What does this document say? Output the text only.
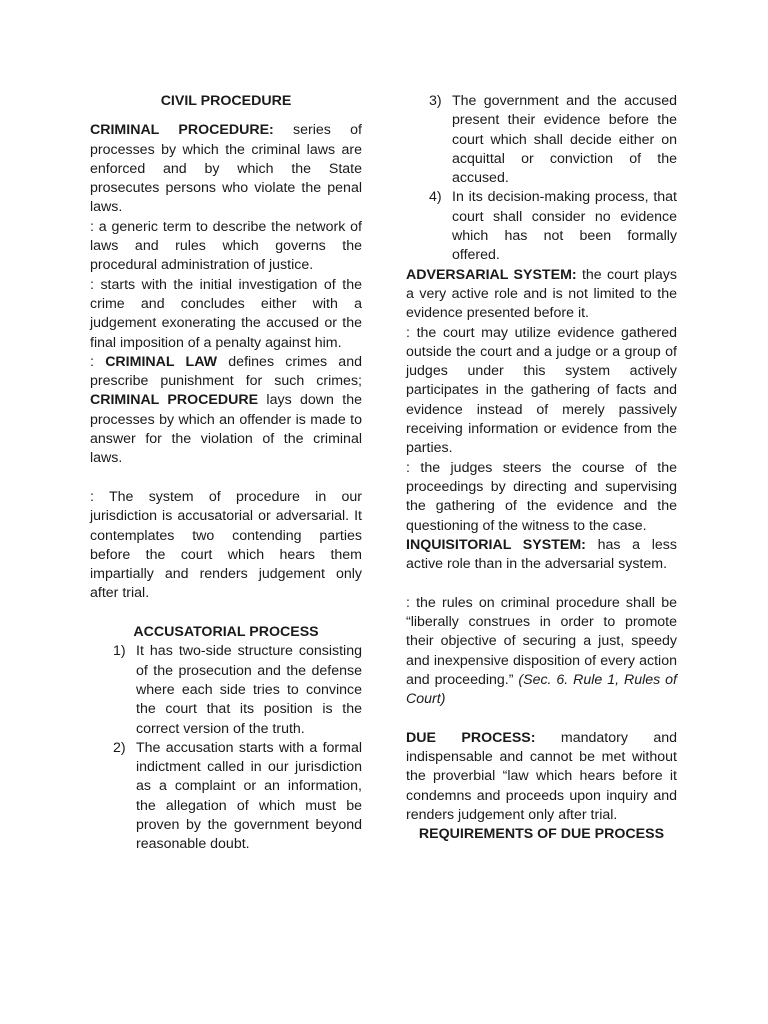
CIVIL PROCEDURE

CRIMINAL PROCEDURE: series of processes by which the criminal laws are enforced and by which the State prosecutes persons who violate the penal laws.

: a generic term to describe the network of laws and rules which governs the procedural administration of justice.

: starts with the initial investigation of the crime and concludes either with a judgement exonerating the accused or the final imposition of a penalty against him.

: CRIMINAL LAW defines crimes and prescribe punishment for such crimes; CRIMINAL PROCEDURE lays down the processes by which an offender is made to answer for the violation of the criminal laws.

: The system of procedure in our jurisdiction is accusatorial or adversarial. It contemplates two contending parties before the court which hears them impartially and renders judgement only after trial.

ACCUSATORIAL PROCESS

1) It has two-side structure consisting of the prosecution and the defense where each side tries to convince the court that its position is the correct version of the truth.
2) The accusation starts with a formal indictment called in our jurisdiction as a complaint or an information, the allegation of which must be proven by the government beyond reasonable doubt.
3) The government and the accused present their evidence before the court which shall decide either on acquittal or conviction of the accused.
4) In its decision-making process, that court shall consider no evidence which has not been formally offered.

ADVERSARIAL SYSTEM: the court plays a very active role and is not limited to the evidence presented before it.

: the court may utilize evidence gathered outside the court and a judge or a group of judges under this system actively participates in the gathering of facts and evidence instead of merely passively receiving information or evidence from the parties.

: the judges steers the course of the proceedings by directing and supervising the gathering of the evidence and the questioning of the witness to the case.

INQUISITORIAL SYSTEM: has a less active role than in the adversarial system.

: the rules on criminal procedure shall be “liberally construes in order to promote their objective of securing a just, speedy and inexpensive disposition of every action and proceeding.” (Sec. 6. Rule 1, Rules of Court)

DUE PROCESS: mandatory and indispensable and cannot be met without the proverbial “law which hears before it condemns and proceeds upon inquiry and renders judgement only after trial.

REQUIREMENTS OF DUE PROCESS
